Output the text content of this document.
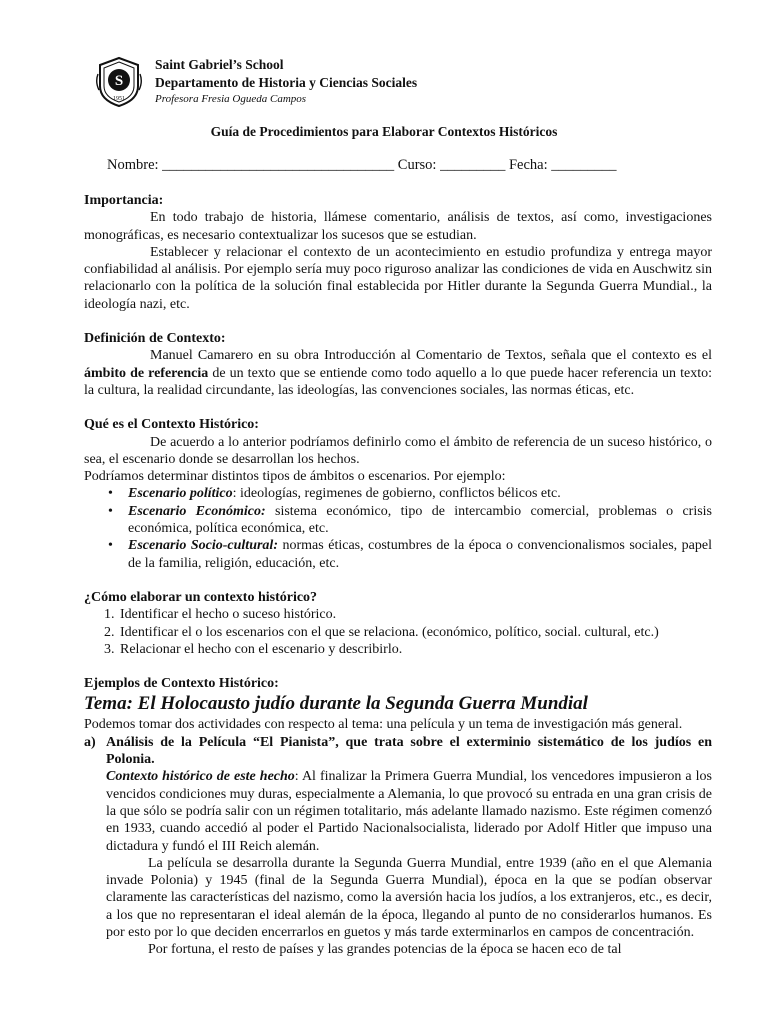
S
1951
Saint Gabriel’s School
Departamento de Historia y Ciencias Sociales
Profesora Fresia Ogueda Campos
Guía de Procedimientos para Elaborar Contextos Históricos
Nombre: ________________________________ Curso: _________ Fecha: _________

Importancia:

En todo trabajo de historia, llámese comentario, análisis de textos, así como, investigaciones monográficas, es necesario contextualizar los sucesos que se estudian.

Establecer y relacionar el contexto de un acontecimiento en estudio profundiza y entrega mayor confiabilidad al análisis. Por ejemplo sería muy poco riguroso analizar las condiciones de vida en Auschwitz sin relacionarlo con la política de la solución final establecida por Hitler durante la Segunda Guerra Mundial., la ideología nazi, etc.

Definición de Contexto:

Manuel Camarero en su obra Introducción al Comentario de Textos, señala que el contexto es el ámbito de referencia de un texto que se entiende como todo aquello a lo que puede hacer referencia un texto: la cultura, la realidad circundante, las ideologías, las convenciones sociales, las normas éticas, etc.

Qué es el Contexto Histórico:

De acuerdo a lo anterior podríamos definirlo como el ámbito de referencia de un suceso histórico, o sea, el escenario donde se desarrollan los hechos.

Podríamos determinar distintos tipos de ámbitos o escenarios. Por ejemplo:

• Escenario político: ideologías, regimenes de gobierno, conflictos bélicos etc.
• Escenario Económico: sistema económico, tipo de intercambio comercial, problemas o crisis económica, política económica, etc.
• Escenario Socio-cultural: normas éticas, costumbres de la época o convencionalismos sociales, papel de la familia, religión, educación, etc.

¿Cómo elaborar un contexto histórico?

1. Identificar el hecho o suceso histórico.
2. Identificar el o los escenarios con el que se relaciona. (económico, político, social. cultural, etc.)
3. Relacionar el hecho con el escenario y describirlo.

Ejemplos de Contexto Histórico:

Tema: El Holocausto judío durante la Segunda Guerra Mundial

Podemos tomar dos actividades con respecto al tema: una película y un tema de investigación más general.

a) Análisis de la Película “El Pianista”, que trata sobre el exterminio sistemático de los judíos en Polonia.

Contexto histórico de este hecho: Al finalizar la Primera Guerra Mundial, los vencedores impusieron a los vencidos condiciones muy duras, especialmente a Alemania, lo que provocó su entrada en una gran crisis de la que sólo se podría salir con un régimen totalitario, más adelante llamado nazismo. Este régimen comenzó en 1933, cuando accedió al poder el Partido Nacionalsocialista, liderado por Adolf Hitler que impuso una dictadura y fundó el III Reich alemán.

La película se desarrolla durante la Segunda Guerra Mundial, entre 1939 (año en el que Alemania invade Polonia) y 1945 (final de la Segunda Guerra Mundial), época en la que se podían observar claramente las características del nazismo, como la aversión hacia los judíos, a los extranjeros, etc., es decir, a los que no representaran el ideal alemán de la época, llegando al punto de no considerarlos humanos. Es por esto por lo que deciden encerrarlos en guetos y más tarde exterminarlos en campos de concentración.

Por fortuna, el resto de países y las grandes potencias de la época se hacen eco de tal
